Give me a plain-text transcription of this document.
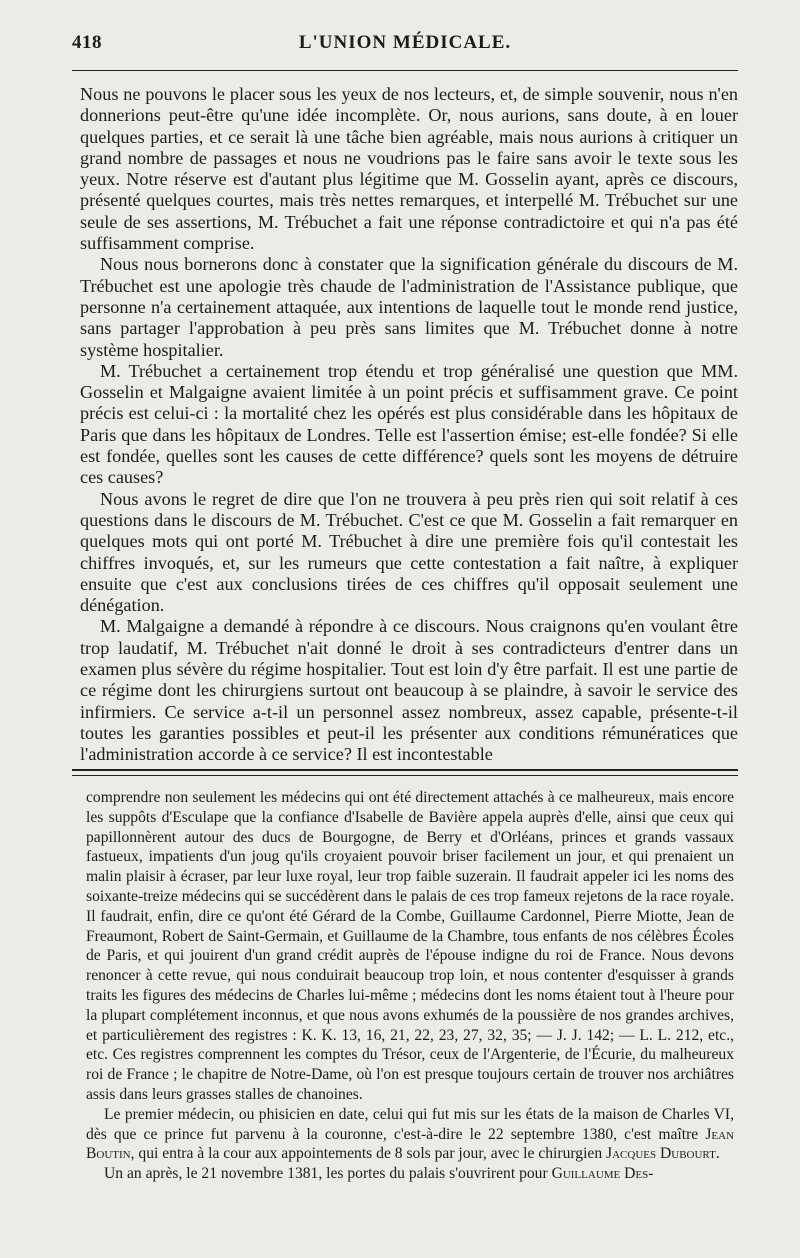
418	L'UNION MÉDICALE.

Nous ne pouvons le placer sous les yeux de nos lecteurs, et, de simple souvenir, nous n'en donnerions peut-être qu'une idée incomplète. Or, nous aurions, sans doute, à en louer quelques parties, et ce serait là une tâche bien agréable, mais nous aurions à critiquer un grand nombre de passages et nous ne voudrions pas le faire sans avoir le texte sous les yeux. Notre réserve est d'autant plus légitime que M. Gosselin ayant, après ce discours, présenté quelques courtes, mais très nettes remarques, et interpellé M. Trébuchet sur une seule de ses assertions, M. Trébuchet a fait une réponse contradictoire et qui n'a pas été suffisamment comprise.

Nous nous bornerons donc à constater que la signification générale du discours de M. Trébuchet est une apologie très chaude de l'administration de l'Assistance publique, que personne n'a certainement attaquée, aux intentions de laquelle tout le monde rend justice, sans partager l'approbation à peu près sans limites que M. Trébuchet donne à notre système hospitalier.

M. Trébuchet a certainement trop étendu et trop généralisé une question que MM. Gosselin et Malgaigne avaient limitée à un point précis et suffisamment grave. Ce point précis est celui-ci : la mortalité chez les opérés est plus considérable dans les hôpitaux de Paris que dans les hôpitaux de Londres. Telle est l'assertion émise; est-elle fondée? Si elle est fondée, quelles sont les causes de cette différence? quels sont les moyens de détruire ces causes?

Nous avons le regret de dire que l'on ne trouvera à peu près rien qui soit relatif à ces questions dans le discours de M. Trébuchet. C'est ce que M. Gosselin a fait remarquer en quelques mots qui ont porté M. Trébuchet à dire une première fois qu'il contestait les chiffres invoqués, et, sur les rumeurs que cette contestation a fait naître, à expliquer ensuite que c'est aux conclusions tirées de ces chiffres qu'il opposait seulement une dénégation.

M. Malgaigne a demandé à répondre à ce discours. Nous craignons qu'en voulant être trop laudatif, M. Trébuchet n'ait donné le droit à ses contradicteurs d'entrer dans un examen plus sévère du régime hospitalier. Tout est loin d'y être parfait. Il est une partie de ce régime dont les chirurgiens surtout ont beaucoup à se plaindre, à savoir le service des infirmiers. Ce service a-t-il un personnel assez nombreux, assez capable, présente-t-il toutes les garanties possibles et peut-il les présenter aux conditions rémunératices que l'administration accorde à ce service? Il est incontestable

comprendre non seulement les médecins qui ont été directement attachés à ce malheureux, mais encore les suppôts d'Esculape que la confiance d'Isabelle de Bavière appela auprès d'elle, ainsi que ceux qui papillonnèrent autour des ducs de Bourgogne, de Berry et d'Orléans, princes et grands vassaux fastueux, impatients d'un joug qu'ils croyaient pouvoir briser facilement un jour, et qui prenaient un malin plaisir à écraser, par leur luxe royal, leur trop faible suzerain. Il faudrait appeler ici les noms des soixante-treize médecins qui se succédèrent dans le palais de ces trop fameux rejetons de la race royale. Il faudrait, enfin, dire ce qu'ont été Gérard de la Combe, Guillaume Cardonnel, Pierre Miotte, Jean de Freaumont, Robert de Saint-Germain, et Guillaume de la Chambre, tous enfants de nos célèbres Écoles de Paris, et qui jouirent d'un grand crédit auprès de l'épouse indigne du roi de France. Nous devons renoncer à cette revue, qui nous conduirait beaucoup trop loin, et nous contenter d'esquisser à grands traits les figures des médecins de Charles lui-même ; médecins dont les noms étaient tout à l'heure pour la plupart complétement inconnus, et que nous avons exhumés de la poussière de nos grandes archives, et particulièrement des registres : K. K. 13, 16, 21, 22, 23, 27, 32, 35; — J. J. 142; — L. L. 212, etc., etc. Ces registres comprennent les comptes du Trésor, ceux de l'Argenterie, de l'Écurie, du malheureux roi de France ; le chapitre de Notre-Dame, où l'on est presque toujours certain de trouver nos archiâtres assis dans leurs grasses stalles de chanoines.

Le premier médecin, ou phisicien en date, celui qui fut mis sur les états de la maison de Charles VI, dès que ce prince fut parvenu à la couronne, c'est-à-dire le 22 septembre 1380, c'est maître Jean Boutin, qui entra à la cour aux appointements de 8 sols par jour, avec le chirurgien Jacques Dubourt.

Un an après, le 21 novembre 1381, les portes du palais s'ouvrirent pour Guillaume Des-
